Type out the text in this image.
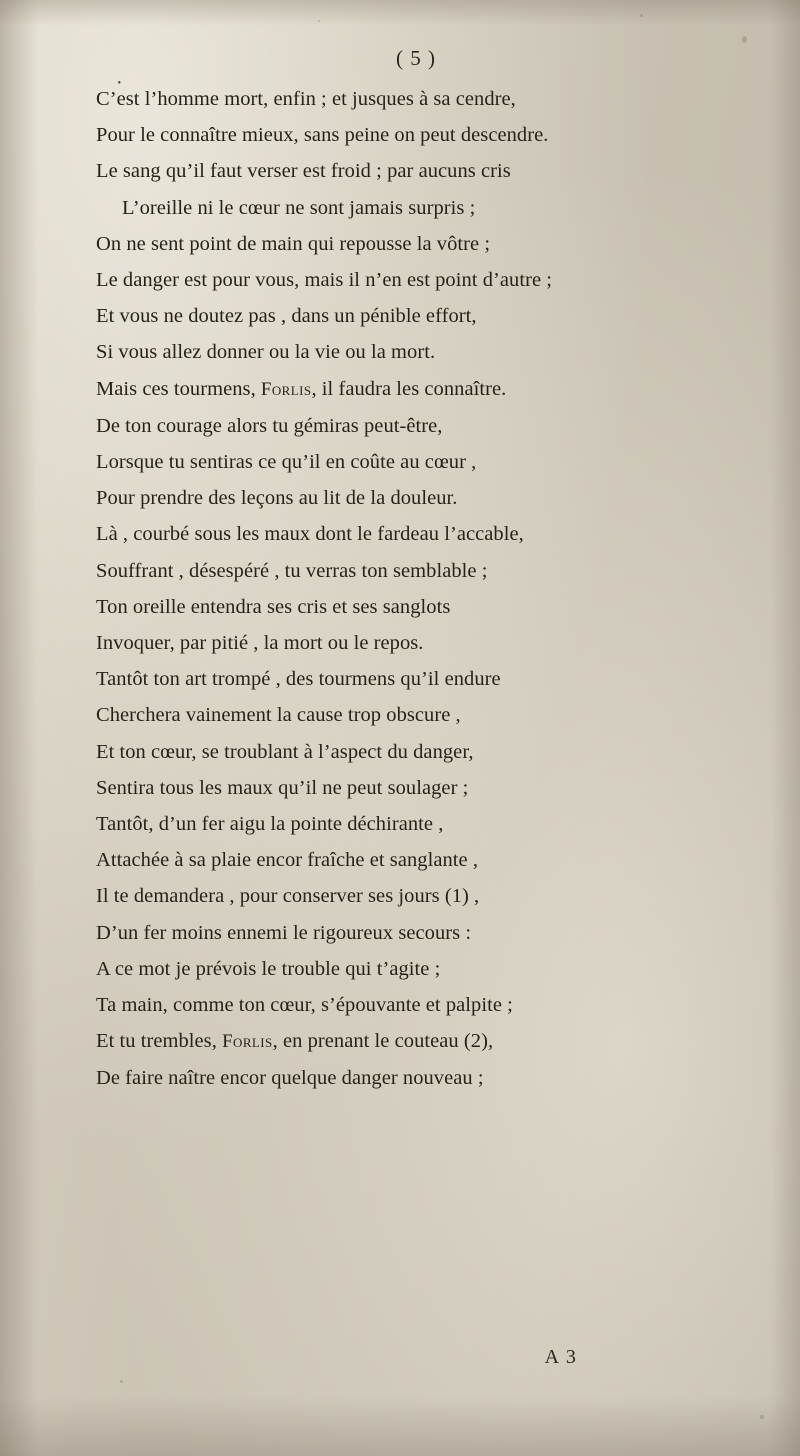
·
( 5 )
C’est l’homme mort, enfin ; et jusques à sa cendre,
Pour le connaître mieux, sans peine on peut descendre.
Le sang qu’il faut verser est froid ; par aucuns cris
L’oreille ni le cœur ne sont jamais surpris ;
On ne sent point de main qui repousse la vôtre ;
Le danger est pour vous, mais il n’en est point d’autre ;
Et vous ne doutez pas , dans un pénible effort,
Si vous allez donner ou la vie ou la mort.
Mais ces tourmens, Forlis, il faudra les connaître.
De ton courage alors tu gémiras peut-être,
Lorsque tu sentiras ce qu’il en coûte au cœur ,
Pour prendre des leçons au lit de la douleur.
Là , courbé sous les maux dont le fardeau l’accable,
Souffrant , désespéré , tu verras ton semblable ;
Ton oreille entendra ses cris et ses sanglots
Invoquer, par pitié , la mort ou le repos.
Tantôt ton art trompé , des tourmens qu’il endure
Cherchera vainement la cause trop obscure ,
Et ton cœur, se troublant à l’aspect du danger,
Sentira tous les maux qu’il ne peut soulager ;
Tantôt, d’un fer aigu la pointe déchirante ,
Attachée à sa plaie encor fraîche et sanglante ,
Il te demandera , pour conserver ses jours (1) ,
D’un fer moins ennemi le rigoureux secours :
A ce mot je prévois le trouble qui t’agite ;
Ta main, comme ton cœur, s’épouvante et palpite ;
Et tu trembles, Forlis, en prenant le couteau (2),
De faire naître encor quelque danger nouveau ;
A 3
